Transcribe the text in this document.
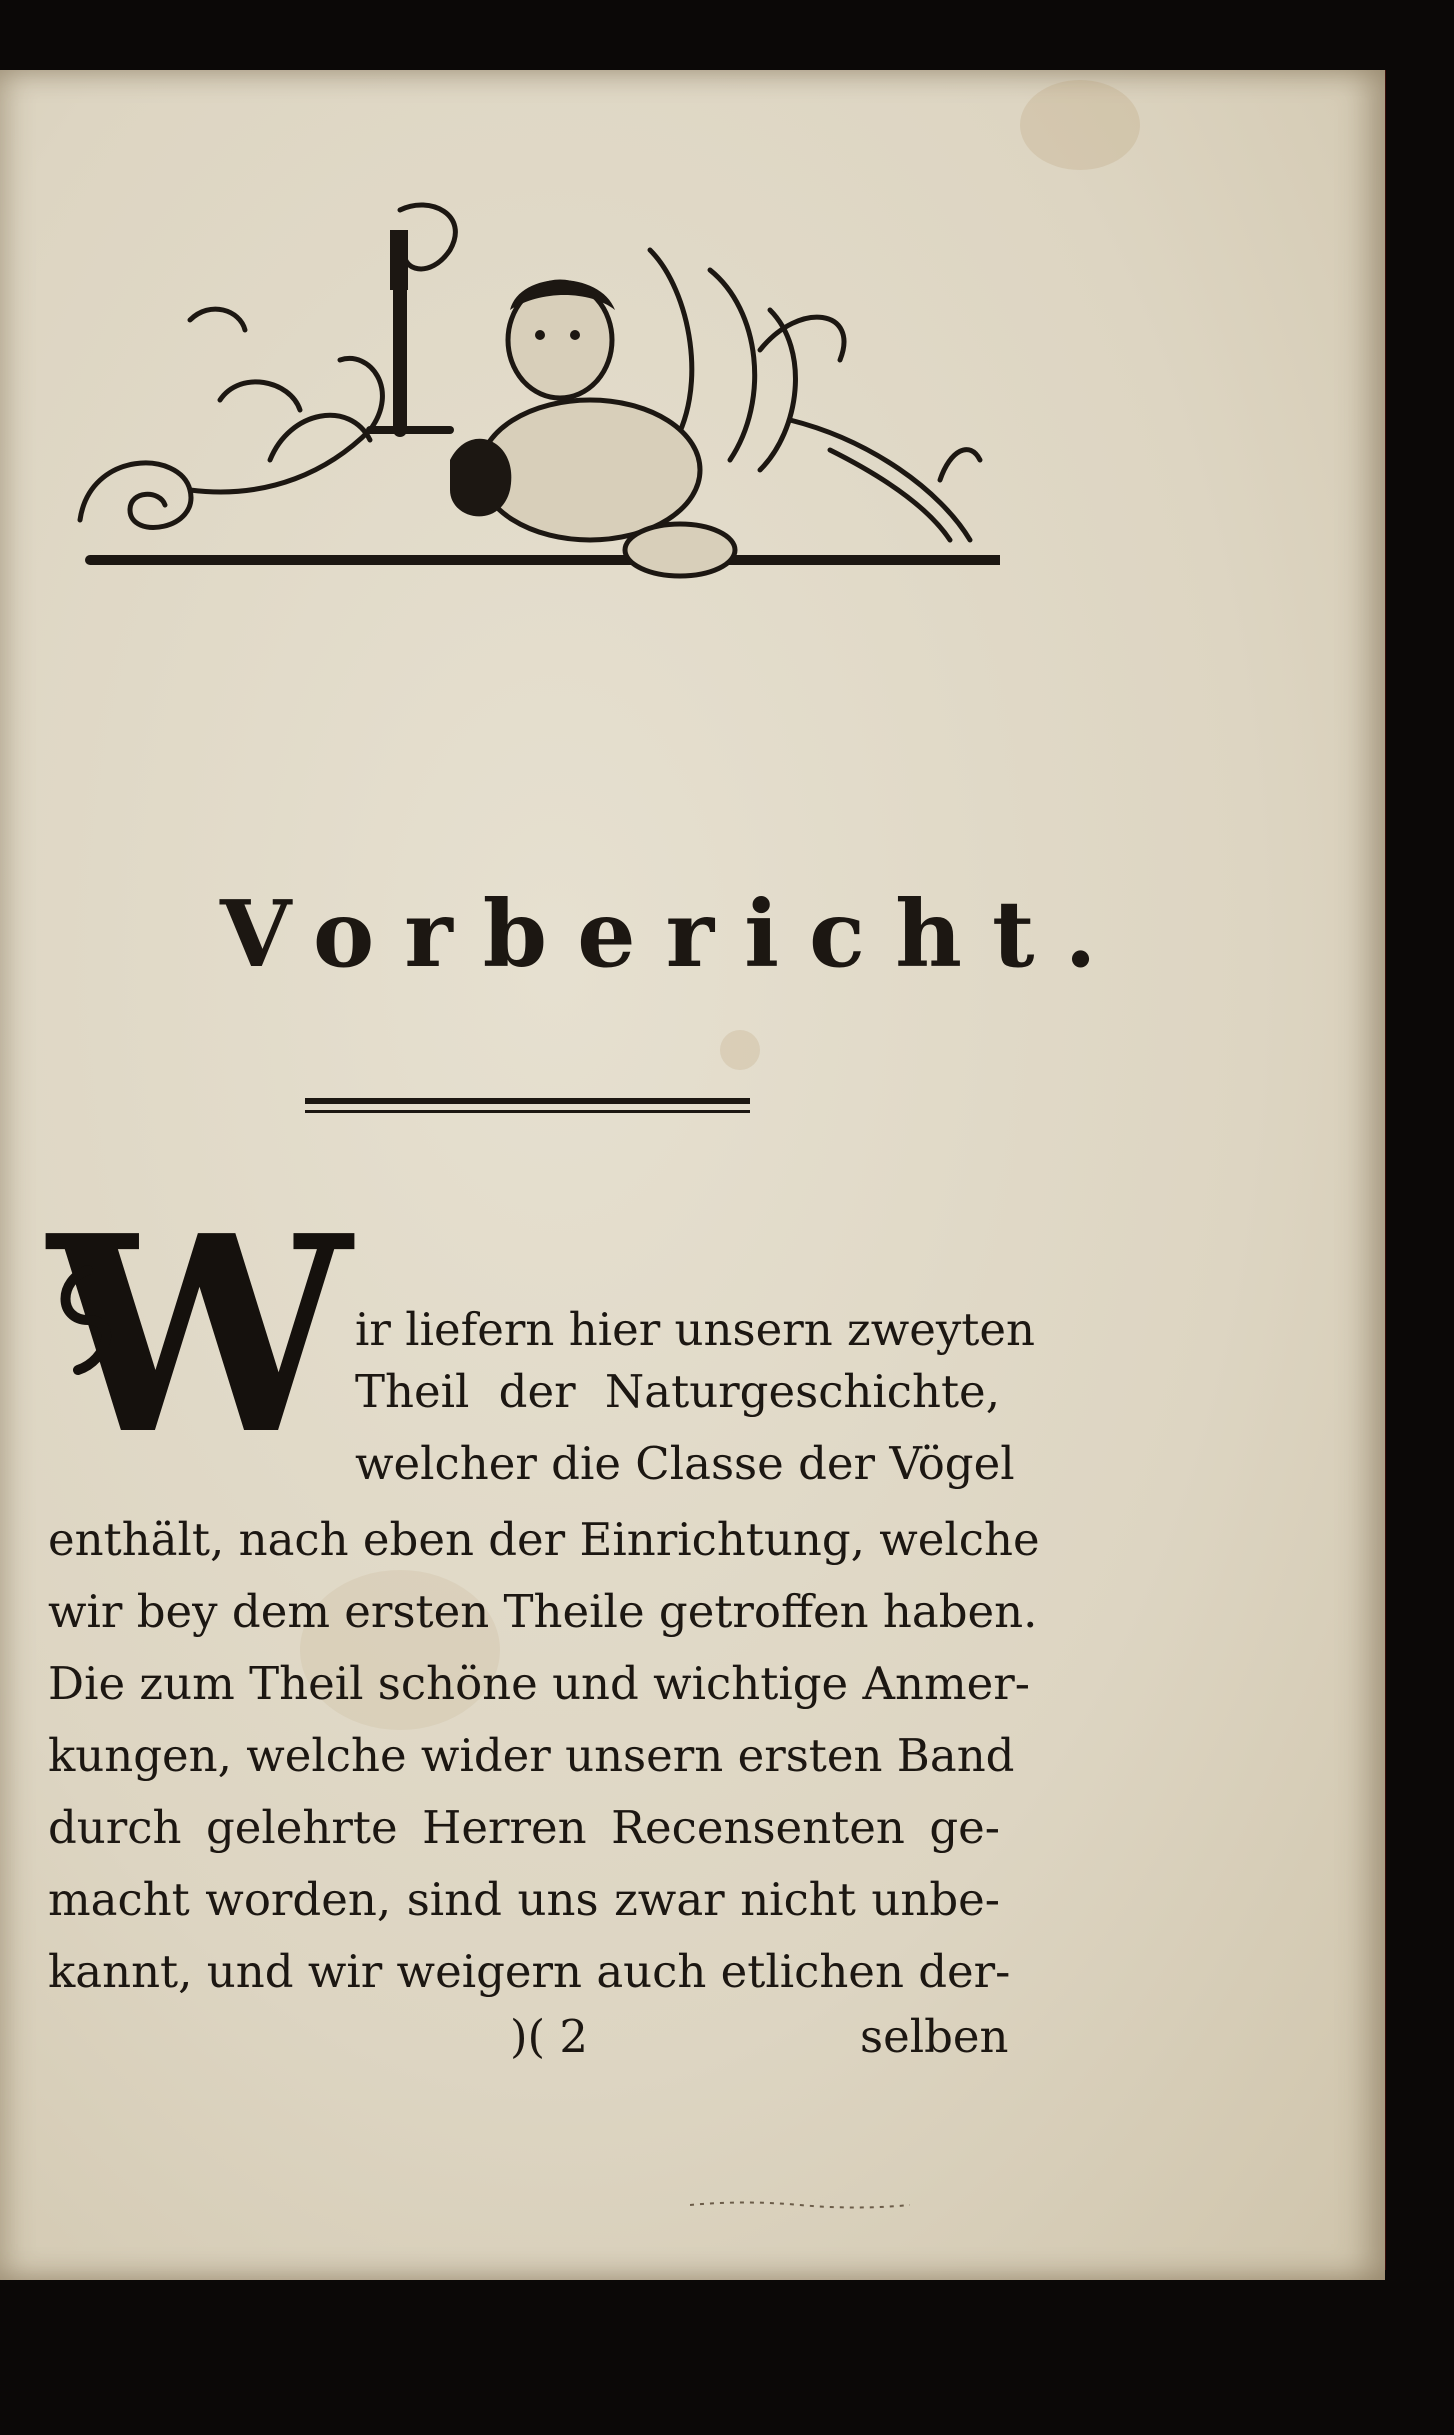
Vorbericht.
W ir liefern hier unsern zweyten
Theil der Naturgeschichte,
welcher die Classe der Vögel
enthält, nach eben der Einrichtung, welche
wir bey dem ersten Theile getroffen haben.
Die zum Theil schöne und wichtige Anmer-
kungen, welche wider unsern ersten Band
durch gelehrte Herren Recensenten ge-
macht worden, sind uns zwar nicht unbe-
kannt, und wir weigern auch etlichen der-
)( 2	selben
